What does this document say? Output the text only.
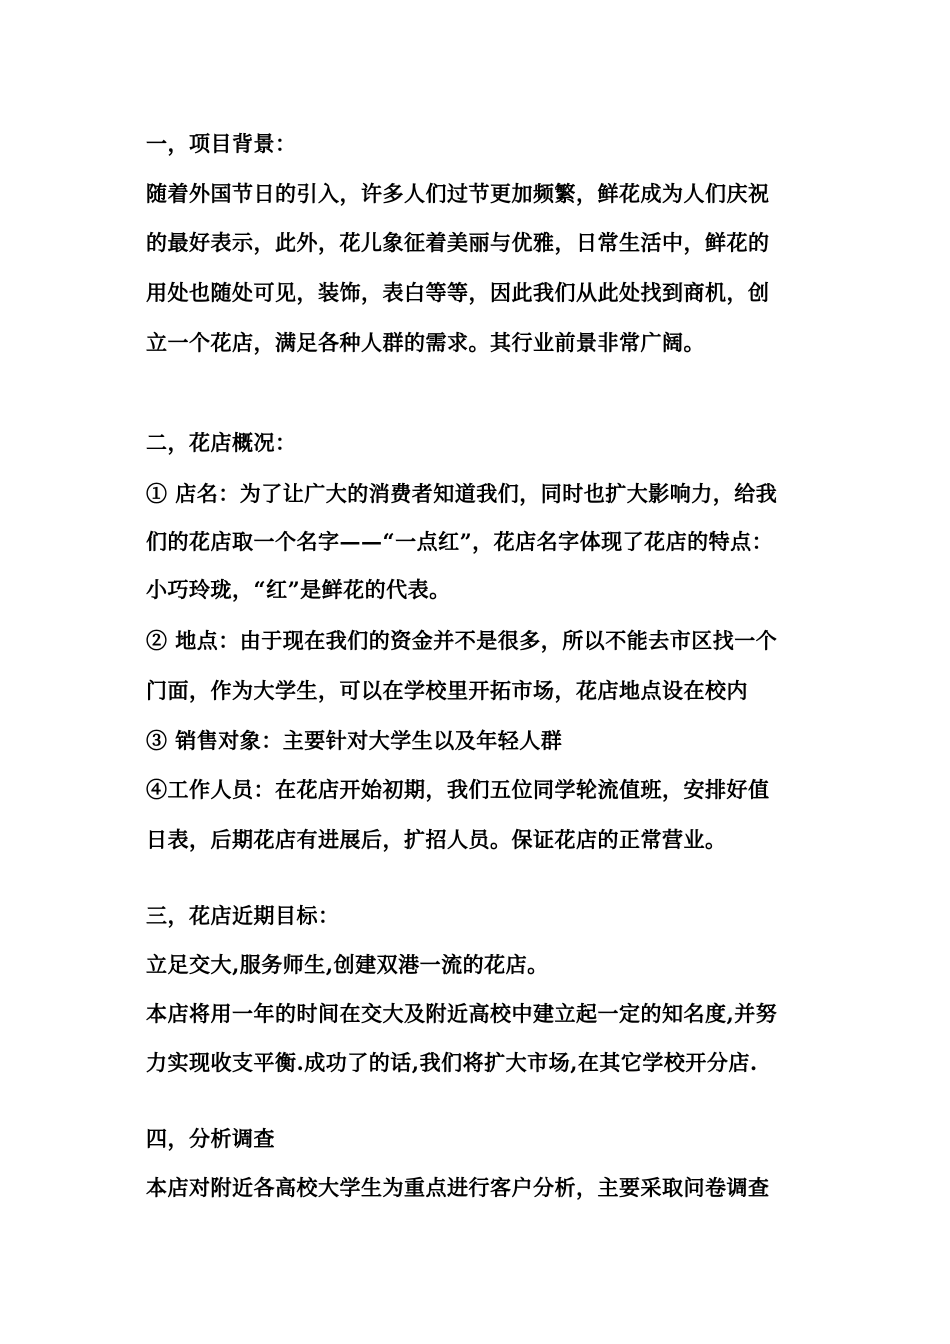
一，项目背景：
随着外国节日的引入，许多人们过节更加频繁，鲜花成为人们庆祝
的最好表示，此外，花儿象征着美丽与优雅，日常生活中，鲜花的
用处也随处可见，装饰，表白等等，因此我们从此处找到商机，创
立一个花店，满足各种人群的需求。其行业前景非常广阔。
二，花店概况：
① 店名：为了让广大的消费者知道我们，同时也扩大影响力，给我
们的花店取一个名字——“一点红”，花店名字体现了花店的特点：
小巧玲珑，“红”是鲜花的代表。
② 地点：由于现在我们的资金并不是很多，所以不能去市区找一个
门面，作为大学生，可以在学校里开拓市场，花店地点设在校内
③ 销售对象：主要针对大学生以及年轻人群
④工作人员：在花店开始初期，我们五位同学轮流值班，安排好值
日表，后期花店有进展后，扩招人员。保证花店的正常营业。
三，花店近期目标：
立足交大,服务师生,创建双港一流的花店。
本店将用一年的时间在交大及附近高校中建立起一定的知名度,并努
力实现收支平衡.成功了的话,我们将扩大市场,在其它学校开分店.
四，分析调查
本店对附近各高校大学生为重点进行客户分析，主要采取问卷调查
